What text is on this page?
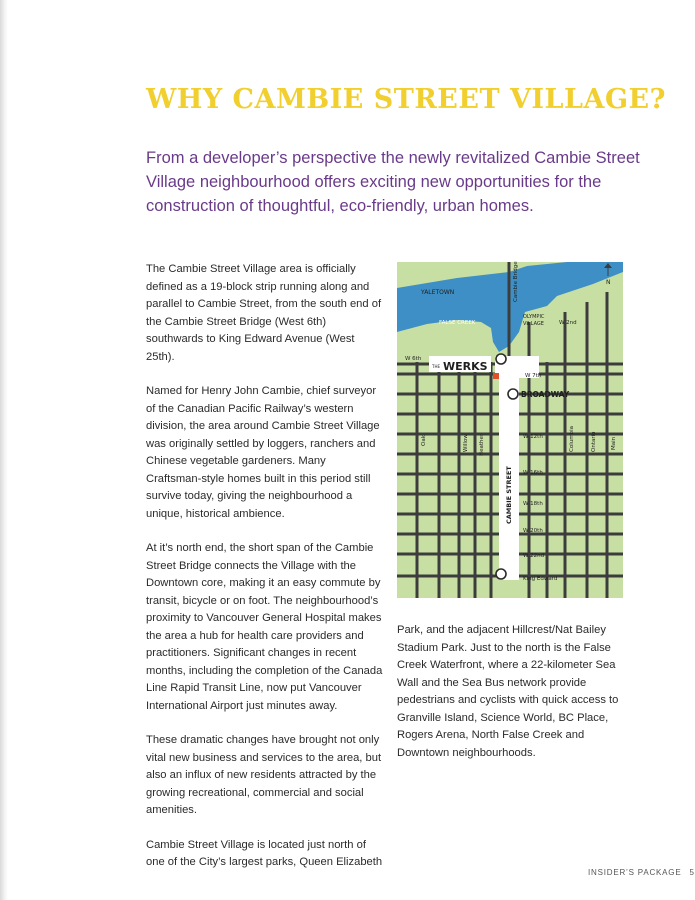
WHY CAMBIE STREET VILLAGE?

From a developer’s perspective the newly revitalized Cambie Street Village neighbourhood offers exciting new opportunities for the construction of thoughtful, eco-friendly, urban homes.

The Cambie Street Village area is officially defined as a 19-block strip running along and parallel to Cambie Street, from the south end of the Cambie Street Bridge (West 6th) southwards to King Edward Avenue (West 25th).

Named for Henry John Cambie, chief surveyor of the Canadian Pacific Railway’s western division, the area around Cambie Street Village was originally settled by loggers, ranchers and Chinese vegetable gardeners. Many Craftsman-style homes built in this period still survive today, giving the neighbourhood a unique, historical ambience.

At it’s north end, the short span of the Cambie Street Bridge connects the Village with the Downtown core, making it an easy commute by transit, bicycle or on foot. The neighbourhood’s proximity to Vancouver General Hospital makes the area a hub for health care providers and practitioners. Significant changes in recent months, including the completion of the Canada Line Rapid Transit Line, now put Vancouver International Airport just minutes away.

These dramatic changes have brought not only vital new business and services to the area, but also an influx of new residents attracted by the growing recreational, commercial and social amenities.

Cambie Street Village is located just north of one of the City’s largest parks, Queen Elizabeth

YALETOWN
FALSE CREEK
Cambie Bridge
OLYMPIC
VILLAGE	W 2nd
W 6th
THE WERKS
W 7th
BROADWAY
W 12th
Oak	Willow Heather	Columbia	Ontario	Main
W 16th
CAMBIE STREET W 18th
W 20th
W 22nd
King Edward
N

Park, and the adjacent Hillcrest/Nat Bailey Stadium Park. Just to the north is the False Creek Waterfront, where a 22-kilometer Sea Wall and the Sea Bus network provide pedestrians and cyclists with quick access to Granville Island, Science World, BC Place, Rogers Arena, North False Creek and Downtown neighbourhoods.

INSIDER’S PACKAGE 5
